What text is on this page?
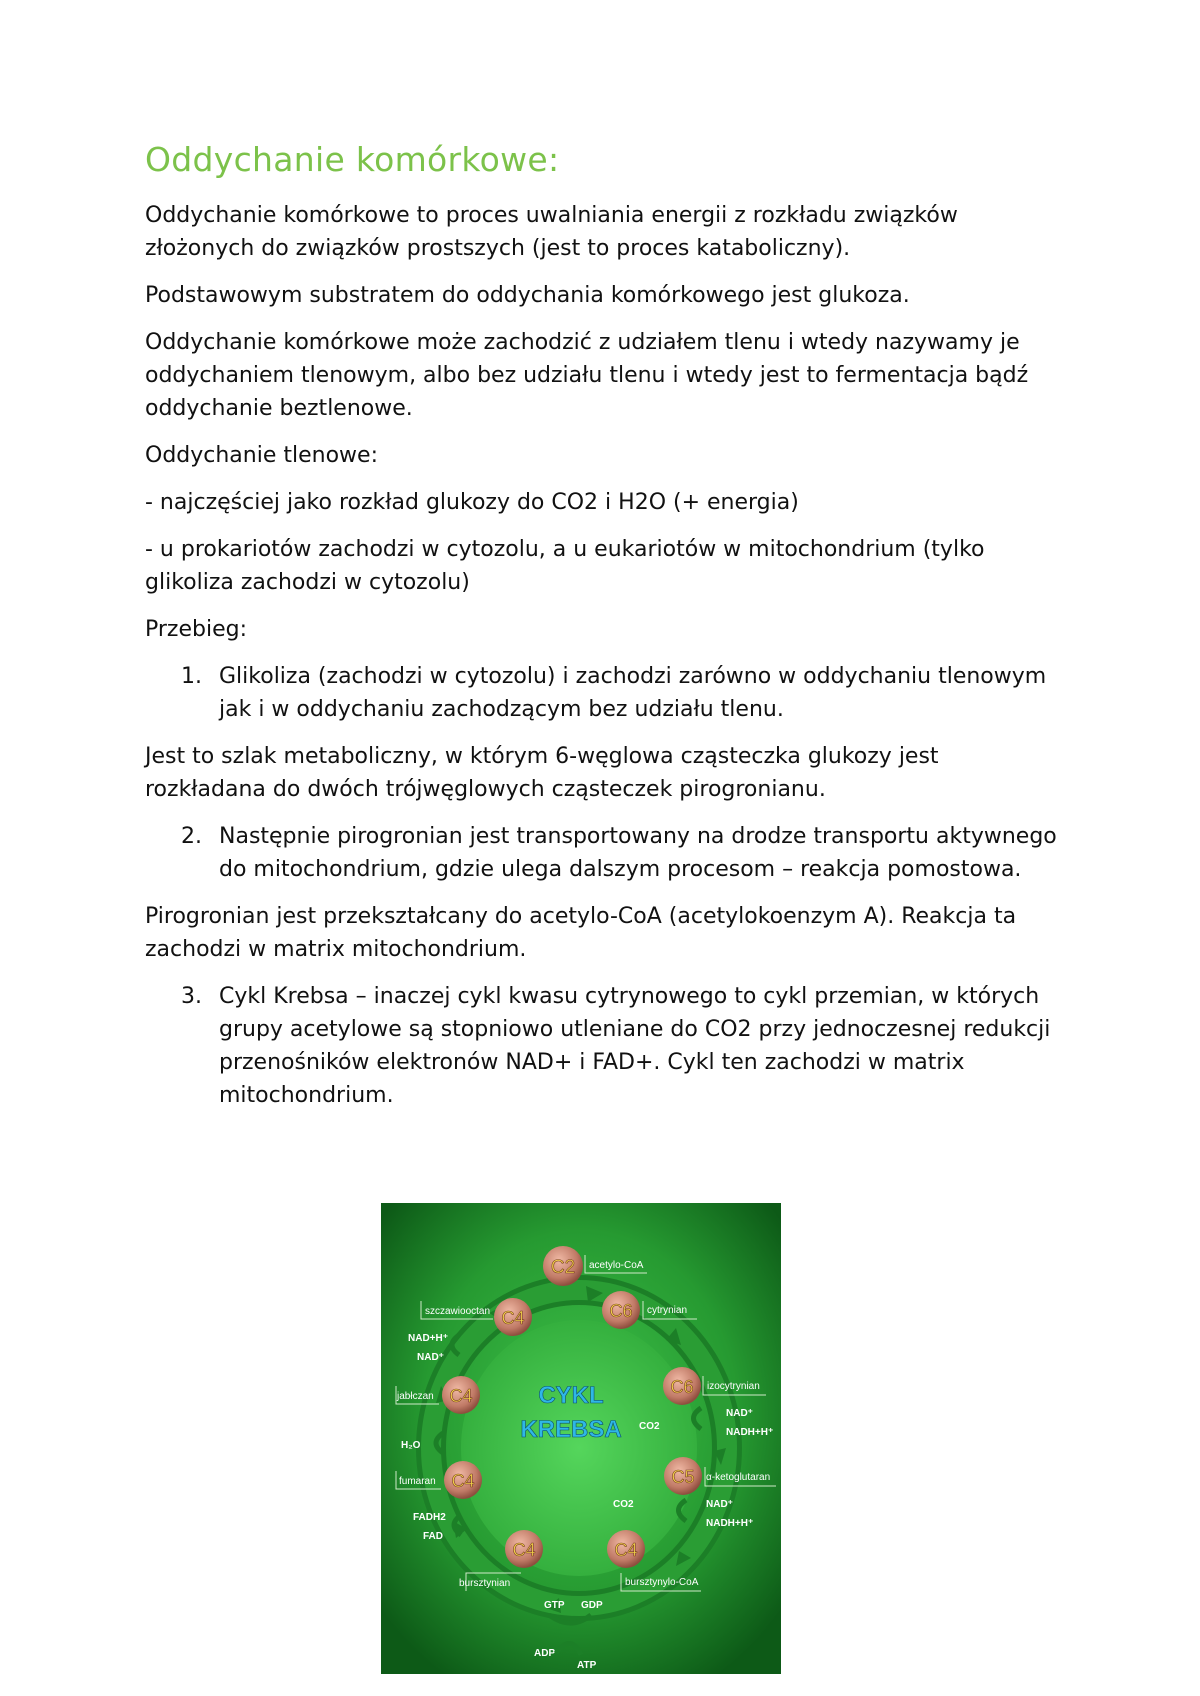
Oddychanie komórkowe:

Oddychanie komórkowe to proces uwalniania energii z rozkładu związków złożonych do związków prostszych (jest to proces kataboliczny).

Podstawowym substratem do oddychania komórkowego jest glukoza.

Oddychanie komórkowe może zachodzić z udziałem tlenu i wtedy nazywamy je oddychaniem tlenowym, albo bez udziału tlenu i wtedy jest to fermentacja bądź oddychanie beztlenowe.

Oddychanie tlenowe:

- najczęściej jako rozkład glukozy do CO2 i H2O (+ energia)

- u prokariotów zachodzi w cytozolu, a u eukariotów w mitochondrium (tylko glikoliza zachodzi w cytozolu)

Przebieg:

1. Glikoliza (zachodzi w cytozolu) i zachodzi zarówno w oddychaniu tlenowym jak i w oddychaniu zachodzącym bez udziału tlenu.

Jest to szlak metaboliczny, w którym 6-węglowa cząsteczka glukozy jest rozkładana do dwóch trójwęglowych cząsteczek pirogronianu.

2. Następnie pirogronian jest transportowany na drodze transportu aktywnego do mitochondrium, gdzie ulega dalszym procesom – reakcja pomostowa.

Pirogronian jest przekształcany do acetylo-CoA (acetylokoenzym A). Reakcja ta zachodzi w matrix mitochondrium.

3. Cykl Krebsa – inaczej cykl kwasu cytrynowego to cykl przemian, w których grupy acetylowe są stopniowo utleniane do CO2 przy jednoczesnej redukcji przenośników elektronów NAD+ i FAD+. Cykl ten zachodzi w matrix mitochondrium.
CYKL
KREBSA
C2
C6
C6
C5
C4
C4
C4
C4
C4
acetylo-CoA
cytrynian
izocytrynian
α-ketoglutaran
bursztynylo-CoA
bursztynian
fumaran
jabłczan
szczawiooctan
NAD+H⁺
NAD⁺
H₂O
FADH2
FAD
NAD⁺
NADH+H⁺
CO2
CO2	NAD⁺
NADH+H⁺
GTP GDP
ADP
ATP
